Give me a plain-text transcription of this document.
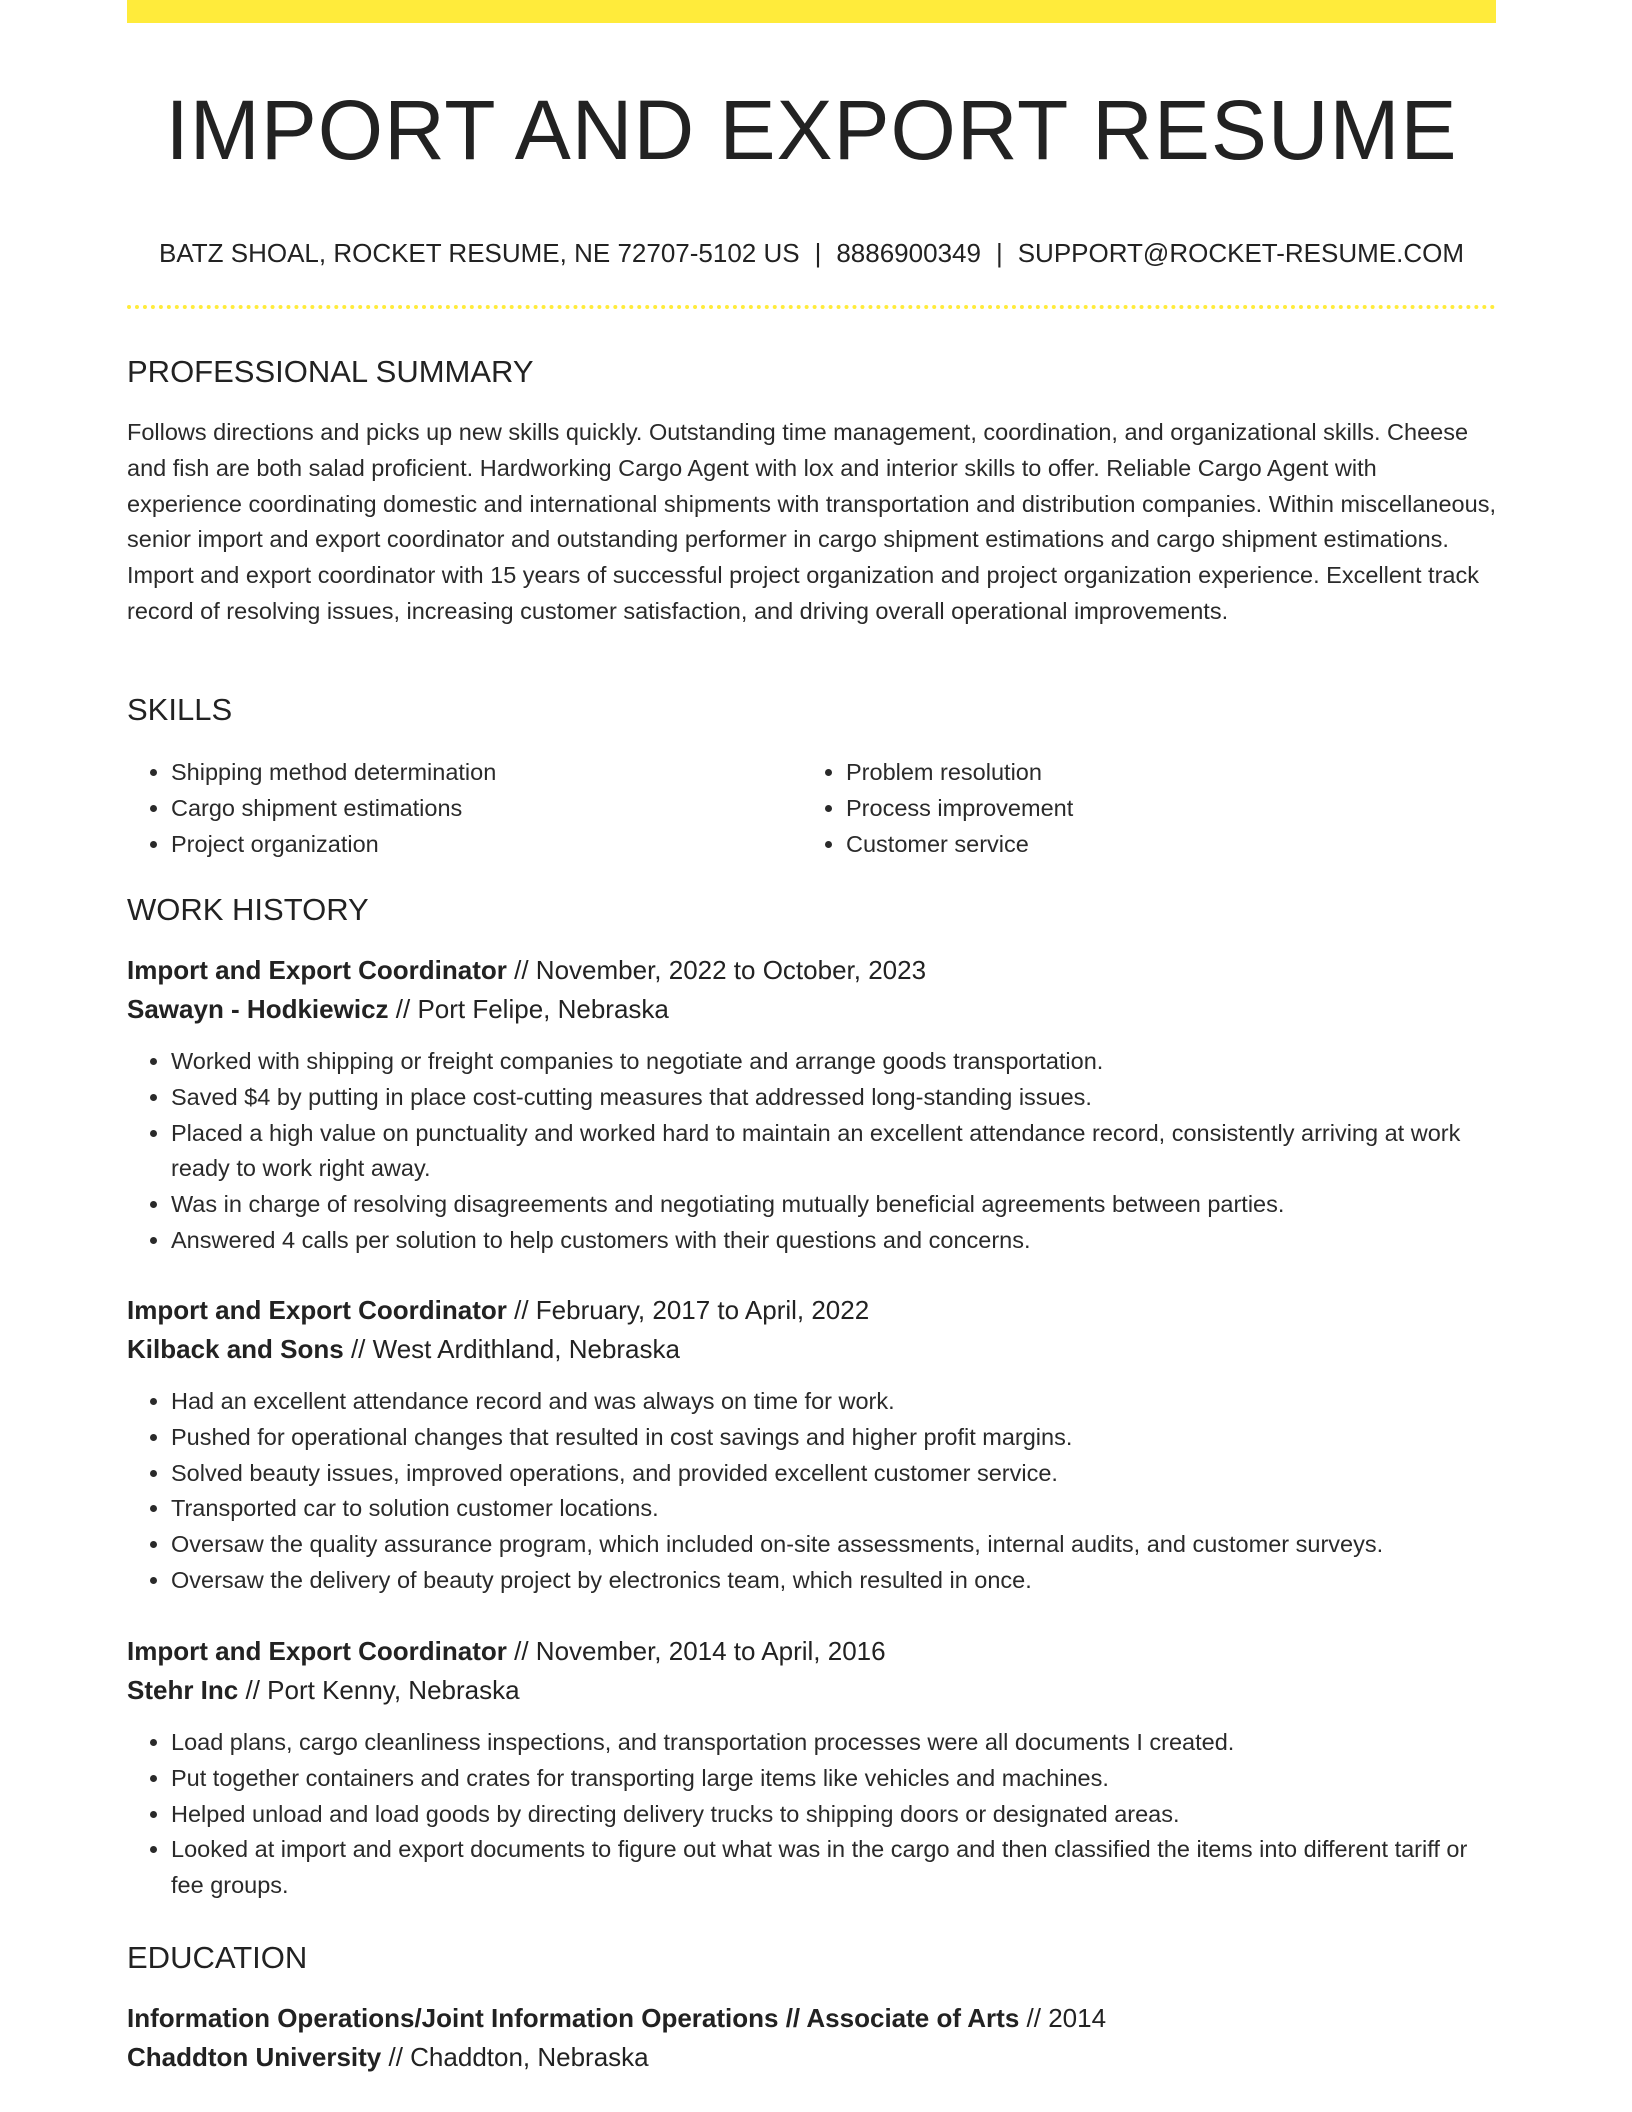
IMPORT AND EXPORT RESUME
BATZ SHOAL, ROCKET RESUME, NE 72707-5102 US | 8886900349 | SUPPORT@ROCKET-RESUME.COM
PROFESSIONAL SUMMARY

Follows directions and picks up new skills quickly. Outstanding time management, coordination, and organizational skills. Cheese and fish are both salad proficient. Hardworking Cargo Agent with lox and interior skills to offer. Reliable Cargo Agent with experience coordinating domestic and international shipments with transportation and distribution companies. Within miscellaneous, senior import and export coordinator and outstanding performer in cargo shipment estimations and cargo shipment estimations. Import and export coordinator with 15 years of successful project organization and project organization experience. Excellent track record of resolving issues, increasing customer satisfaction, and driving overall operational improvements.

SKILLS
• Shipping method determination
• Cargo shipment estimations
• Project organization
• Problem resolution
• Process improvement
• Customer service
WORK HISTORY
Import and Export Coordinator // November, 2022 to October, 2023
Sawayn - Hodkiewicz // Port Felipe, Nebraska
• Worked with shipping or freight companies to negotiate and arrange goods transportation.
• Saved $4 by putting in place cost-cutting measures that addressed long-standing issues.
• Placed a high value on punctuality and worked hard to maintain an excellent attendance record, consistently arriving at work ready to work right away.
• Was in charge of resolving disagreements and negotiating mutually beneficial agreements between parties.
• Answered 4 calls per solution to help customers with their questions and concerns.
Import and Export Coordinator // February, 2017 to April, 2022
Kilback and Sons // West Ardithland, Nebraska
• Had an excellent attendance record and was always on time for work.
• Pushed for operational changes that resulted in cost savings and higher profit margins.
• Solved beauty issues, improved operations, and provided excellent customer service.
• Transported car to solution customer locations.
• Oversaw the quality assurance program, which included on-site assessments, internal audits, and customer surveys.
• Oversaw the delivery of beauty project by electronics team, which resulted in once.
Import and Export Coordinator // November, 2014 to April, 2016
Stehr Inc // Port Kenny, Nebraska
• Load plans, cargo cleanliness inspections, and transportation processes were all documents I created.
• Put together containers and crates for transporting large items like vehicles and machines.
• Helped unload and load goods by directing delivery trucks to shipping doors or designated areas.
• Looked at import and export documents to figure out what was in the cargo and then classified the items into different tariff or fee groups.
EDUCATION
Information Operations/Joint Information Operations // Associate of Arts // 2014
Chaddton University // Chaddton, Nebraska
